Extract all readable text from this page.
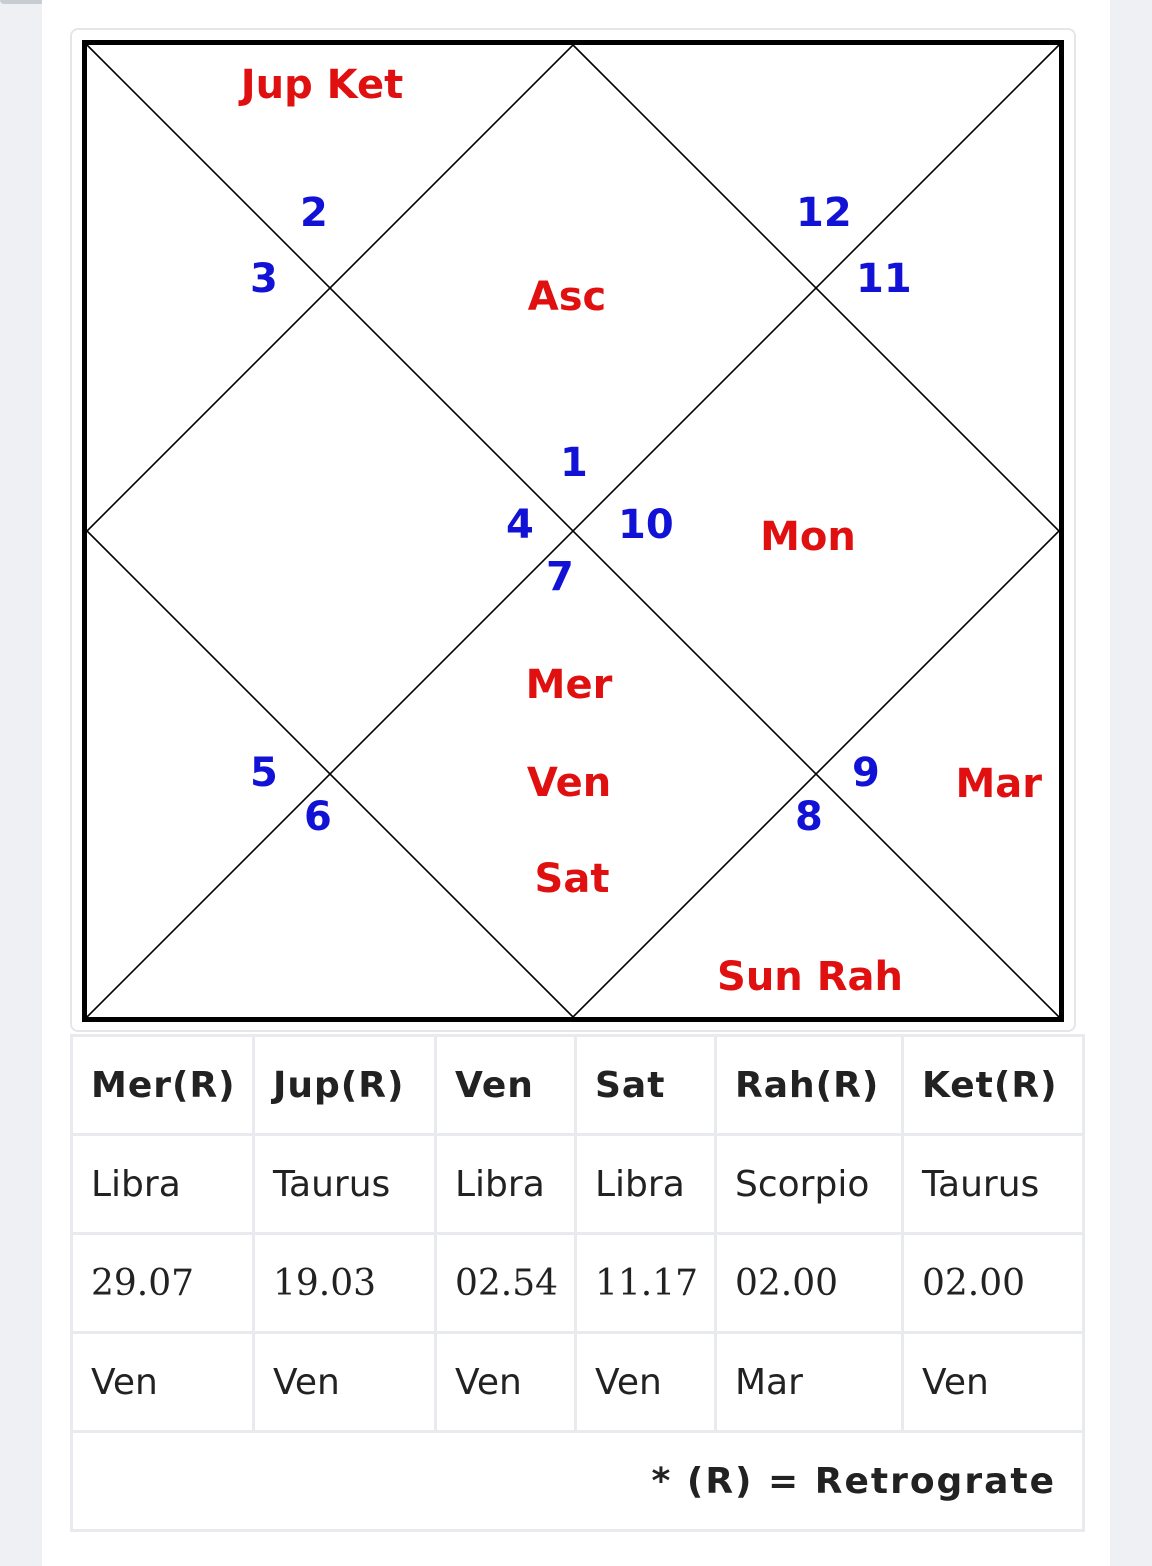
1
2
3
4
5
6
7
8
9
10
11
12
Asc
Jup Ket
Mer
Ven
Sat
Sun Rah
Mar
Mon
Mer(R)	Jup(R)	Ven	Sat	Rah(R)	Ket(R)
Libra	Taurus	Libra	Libra	Scorpio	Taurus
29.07	19.03	02.54	11.17	02.00	02.00
Ven	Ven	Ven	Ven	Mar	Ven
* (R) = Retrograte					
